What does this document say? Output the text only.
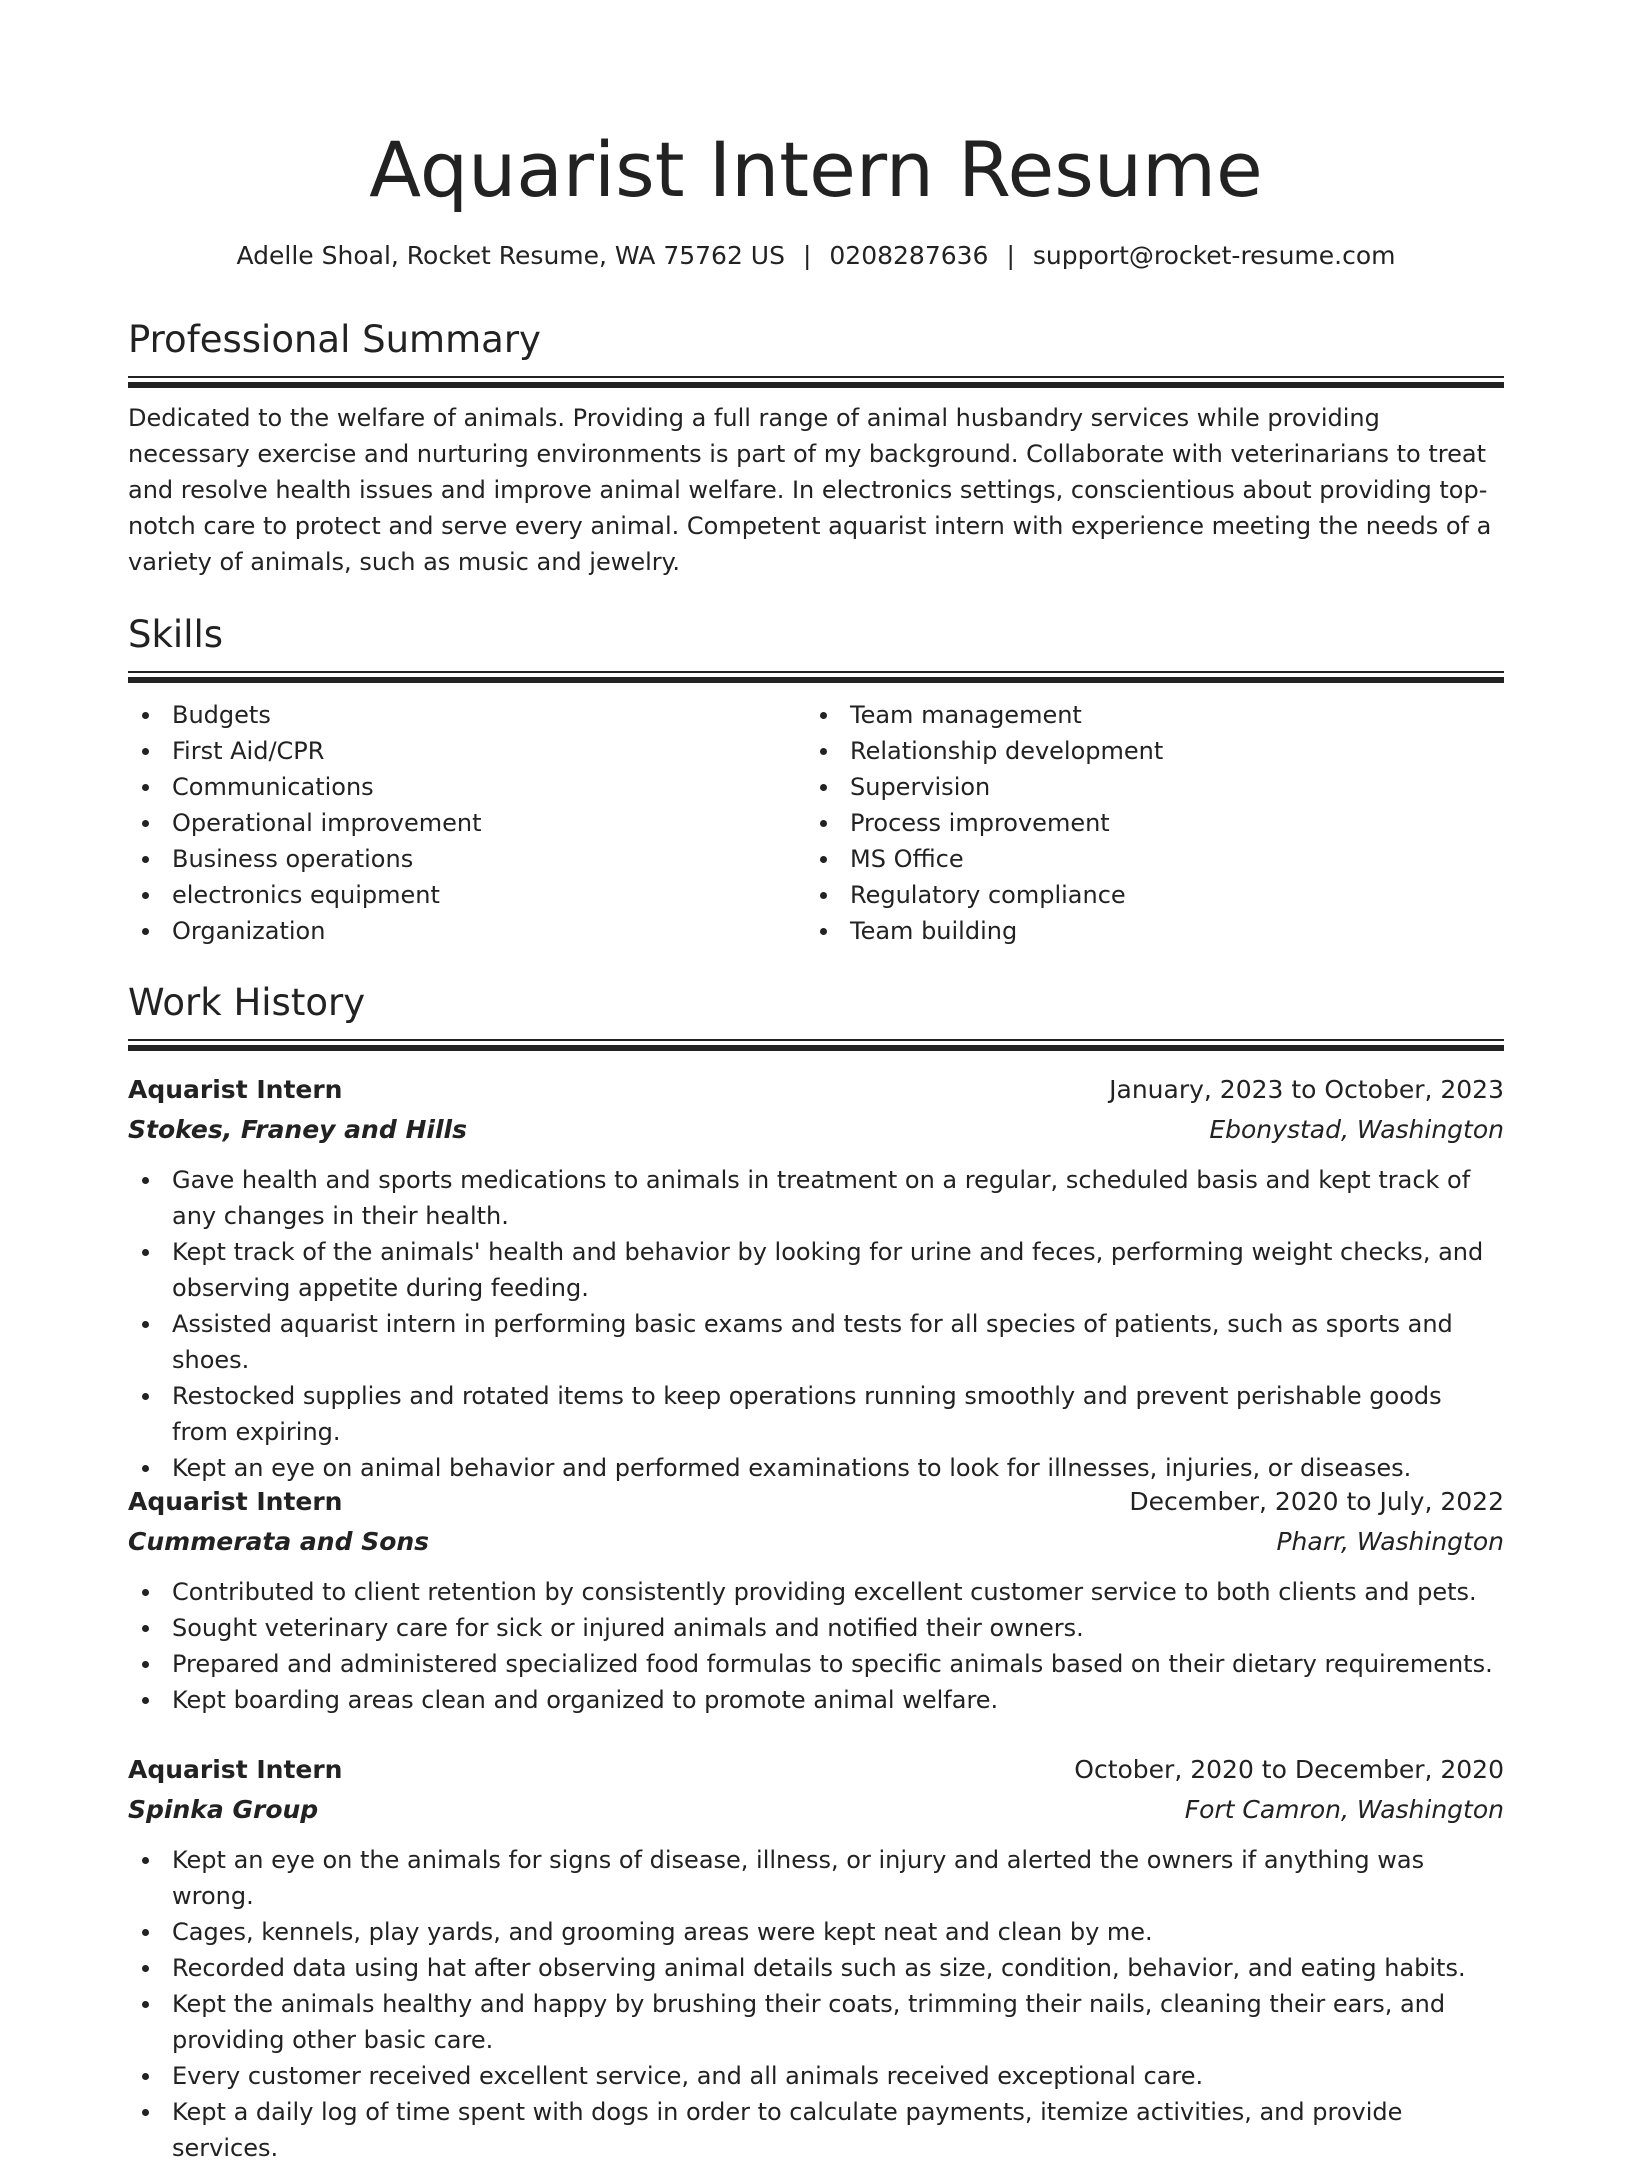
Aquarist Intern Resume
Adelle Shoal, Rocket Resume, WA 75762 US | 0208287636 | support@rocket-resume.com
Professional Summary

Dedicated to the welfare of animals. Providing a full range of animal husbandry services while providing necessary exercise and nurturing environments is part of my background. Collaborate with veterinarians to treat and resolve health issues and improve animal welfare. In electronics settings, conscientious about providing top-notch care to protect and serve every animal. Competent aquarist intern with experience meeting the needs of a variety of animals, such as music and jewelry.

Skills
Budgets
First Aid/CPR
Communications
Operational improvement
Business operations
electronics equipment
Organization
Team management
Relationship development
Supervision
Process improvement
MS Office
Regulatory compliance
Team building
Work History
Aquarist Intern	January, 2023 to October, 2023
Stokes, Franey and Hills	Ebonystad, Washington
Gave health and sports medications to animals in treatment on a regular, scheduled basis and kept track of any changes in their health.
Kept track of the animals' health and behavior by looking for urine and feces, performing weight checks, and observing appetite during feeding.
Assisted aquarist intern in performing basic exams and tests for all species of patients, such as sports and shoes.
Restocked supplies and rotated items to keep operations running smoothly and prevent perishable goods from expiring.
Kept an eye on animal behavior and performed examinations to look for illnesses, injuries, or diseases.
Aquarist Intern	December, 2020 to July, 2022
Cummerata and Sons	Pharr, Washington
Contributed to client retention by consistently providing excellent customer service to both clients and pets.
Sought veterinary care for sick or injured animals and notified their owners.
Prepared and administered specialized food formulas to specific animals based on their dietary requirements.
Kept boarding areas clean and organized to promote animal welfare.
Aquarist Intern	October, 2020 to December, 2020
Spinka Group	Fort Camron, Washington
Kept an eye on the animals for signs of disease, illness, or injury and alerted the owners if anything was wrong.
Cages, kennels, play yards, and grooming areas were kept neat and clean by me.
Recorded data using hat after observing animal details such as size, condition, behavior, and eating habits.
Kept the animals healthy and happy by brushing their coats, trimming their nails, cleaning their ears, and providing other basic care.
Every customer received excellent service, and all animals received exceptional care.
Kept a daily log of time spent with dogs in order to calculate payments, itemize activities, and provide services.
